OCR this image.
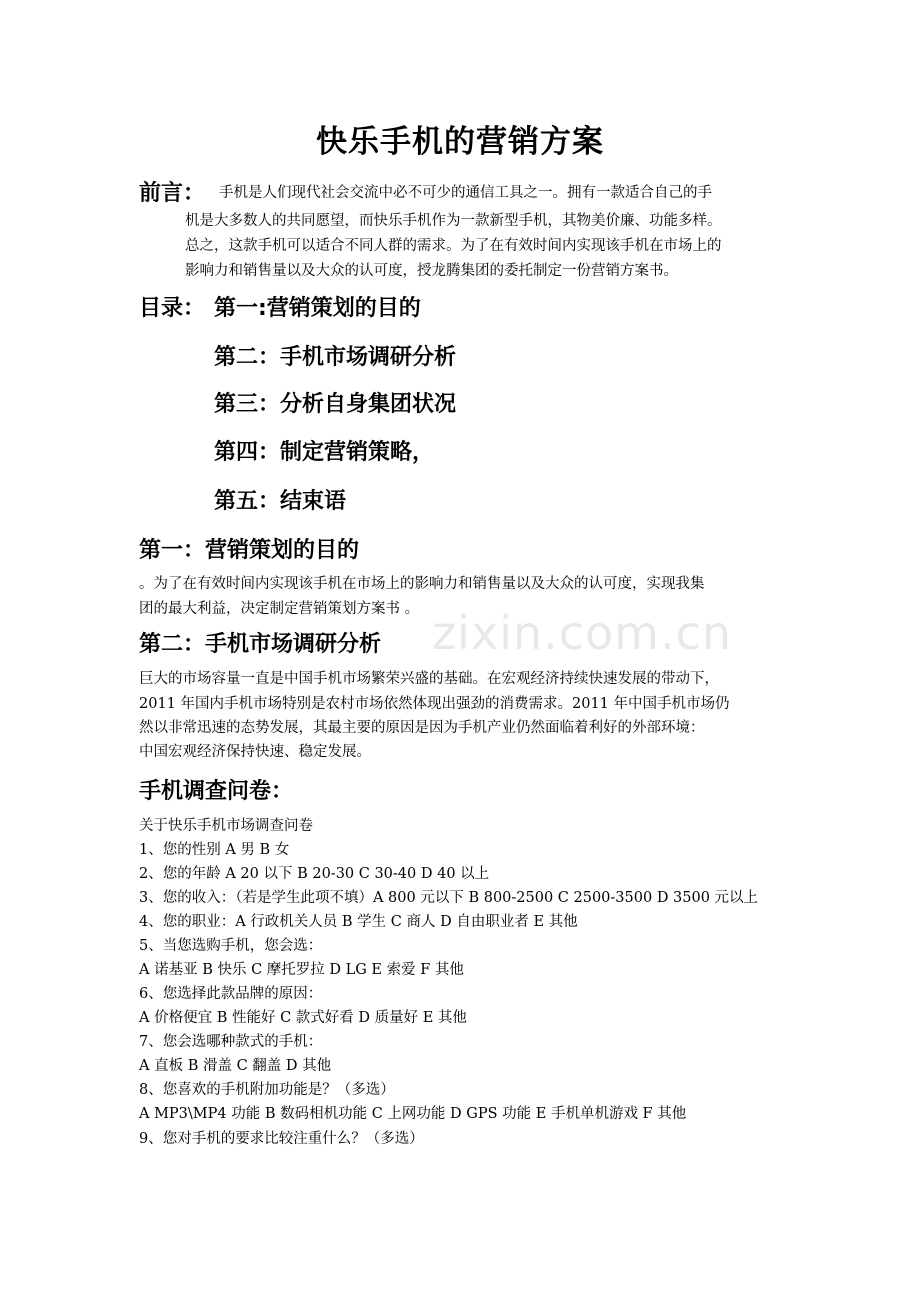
快乐手机的营销方案
前言： 手机是人们现代社会交流中必不可少的通信工具之一。拥有一款适合自己的手
机是大多数人的共同愿望，而快乐手机作为一款新型手机，其物美价廉、功能多样。
总之，这款手机可以适合不同人群的需求。为了在有效时间内实现该手机在市场上的
影响力和销售量以及大众的认可度，授龙腾集团的委托制定一份营销方案书。
目录： 第一:营销策划的目的
第二：手机市场调研分析
第三：分析自身集团状况
第四：制定营销策略，
第五：结束语
第一：营销策划的目的
。为了在有效时间内实现该手机在市场上的影响力和销售量以及大众的认可度，实现我集
团的最大利益，决定制定营销策划方案书 。 zixin.com.cn
第二：手机市场调研分析
巨大的市场容量一直是中国手机市场繁荣兴盛的基础。在宏观经济持续快速发展的带动下，
2011 年国内手机市场特别是农村市场依然体现出强劲的消费需求。2011 年中国手机市场仍
然以非常迅速的态势发展，其最主要的原因是因为手机产业仍然面临着利好的外部环境：
中国宏观经济保持快速、稳定发展。
手机调查问卷：
关于快乐手机市场调查问卷
1、您的性别 A 男 B 女
2、您的年龄 A 20 以下 B 20-30 C 30-40 D 40 以上
3、您的收入：（若是学生此项不填）A 800 元以下 B 800-2500 C 2500-3500 D 3500 元以上
4、您的职业：A 行政机关人员 B 学生 C 商人 D 自由职业者 E 其他
5、当您选购手机，您会选：
A 诺基亚 B 快乐 C 摩托罗拉 D LG E 索爱 F 其他
6、您选择此款品牌的原因：
A 价格便宜 B 性能好 C 款式好看 D 质量好 E 其他
7、您会选哪种款式的手机：
A 直板 B 滑盖 C 翻盖 D 其他
8、您喜欢的手机附加功能是？（多选）
A MP3\MP4 功能 B 数码相机功能 C 上网功能 D GPS 功能 E 手机单机游戏 F 其他
9、您对手机的要求比较注重什么？（多选）
